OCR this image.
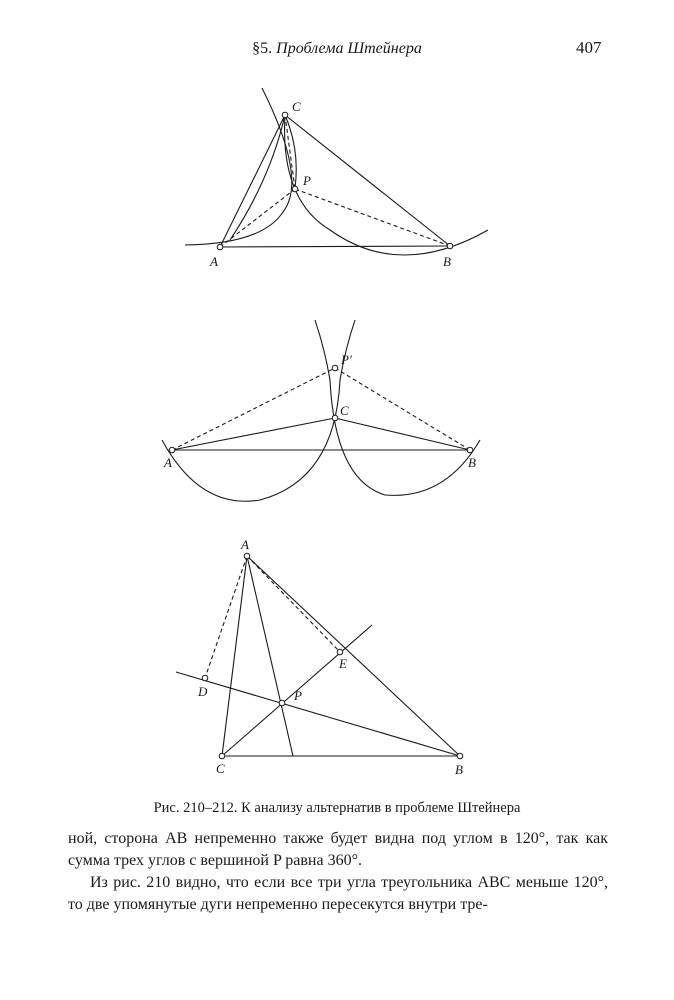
§5. Проблема Штейнера	407
A	B
C
P
A	B
C
P′
A
C	B
P
D
E
Рис. 210–212. К анализу альтернатив в проблеме Штейнера
ной, сторона AB непременно также будет видна под углом в 120°, так как сумма трех углов с вершиной P равна 360°.
Из рис. 210 видно, что если все три угла треугольника ABC меньше 120°, то две упомянутые дуги непременно пересекутся внутри тре-
